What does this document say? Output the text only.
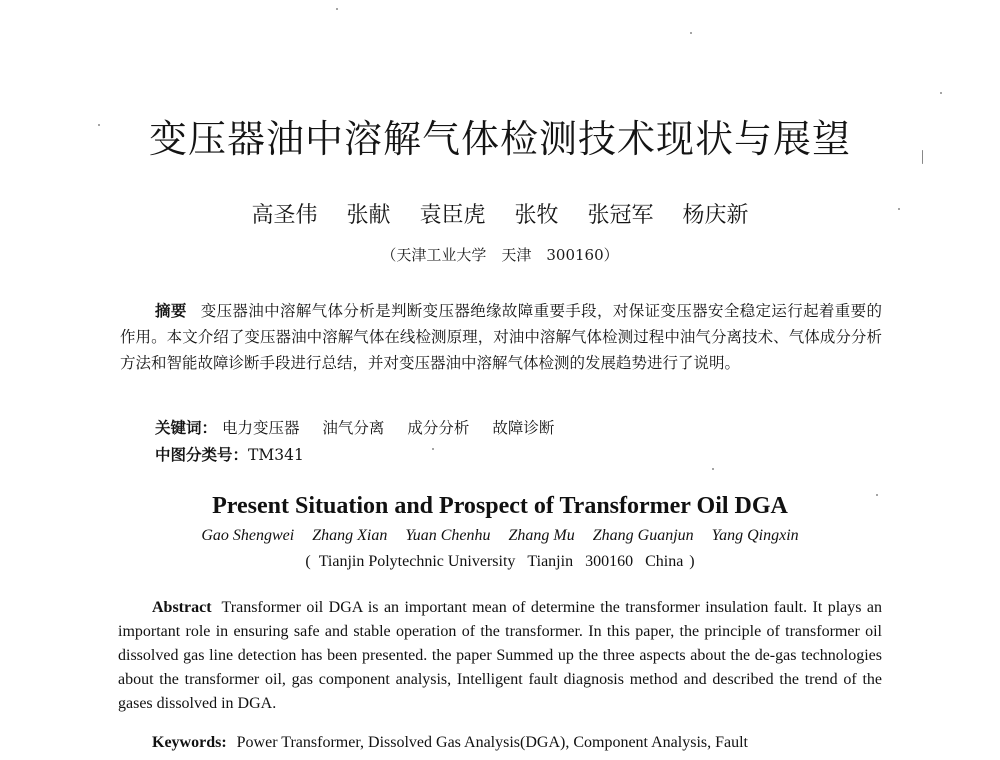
变压器油中溶解气体检测技术现状与展望
高圣伟 张献 袁臣虎 张牧 张冠军 杨庆新
（天津工业大学　天津　300160）
摘要 变压器油中溶解气体分析是判断变压器绝缘故障重要手段，对保证变压器安全稳定运行起着重要的作用。本文介绍了变压器油中溶解气体在线检测原理，对油中溶解气体检测过程中油气分离技术、气体成分分析方法和智能故障诊断手段进行总结，并对变压器油中溶解气体检测的发展趋势进行了说明。
关键词： 电力变压器 油气分离 成分分析 故障诊断
中图分类号：TM341
Present Situation and Prospect of Transformer Oil DGA
Gao Shengwei Zhang Xian Yuan Chenhu Zhang Mu Zhang Guanjun Yang Qingxin
( Tianjin Polytechnic University Tianjin 300160 China )
Abstract Transformer oil DGA is an important mean of determine the transformer insulation fault. It plays an important role in ensuring safe and stable operation of the transformer. In this paper, the principle of transformer oil dissolved gas line detection has been presented. the paper Summed up the three aspects about the de-gas technologies about the transformer oil, gas component analysis, Intelligent fault diagnosis method and described the trend of the gases dissolved in DGA.
Keywords: Power Transformer, Dissolved Gas Analysis(DGA), Component Analysis, Fault
